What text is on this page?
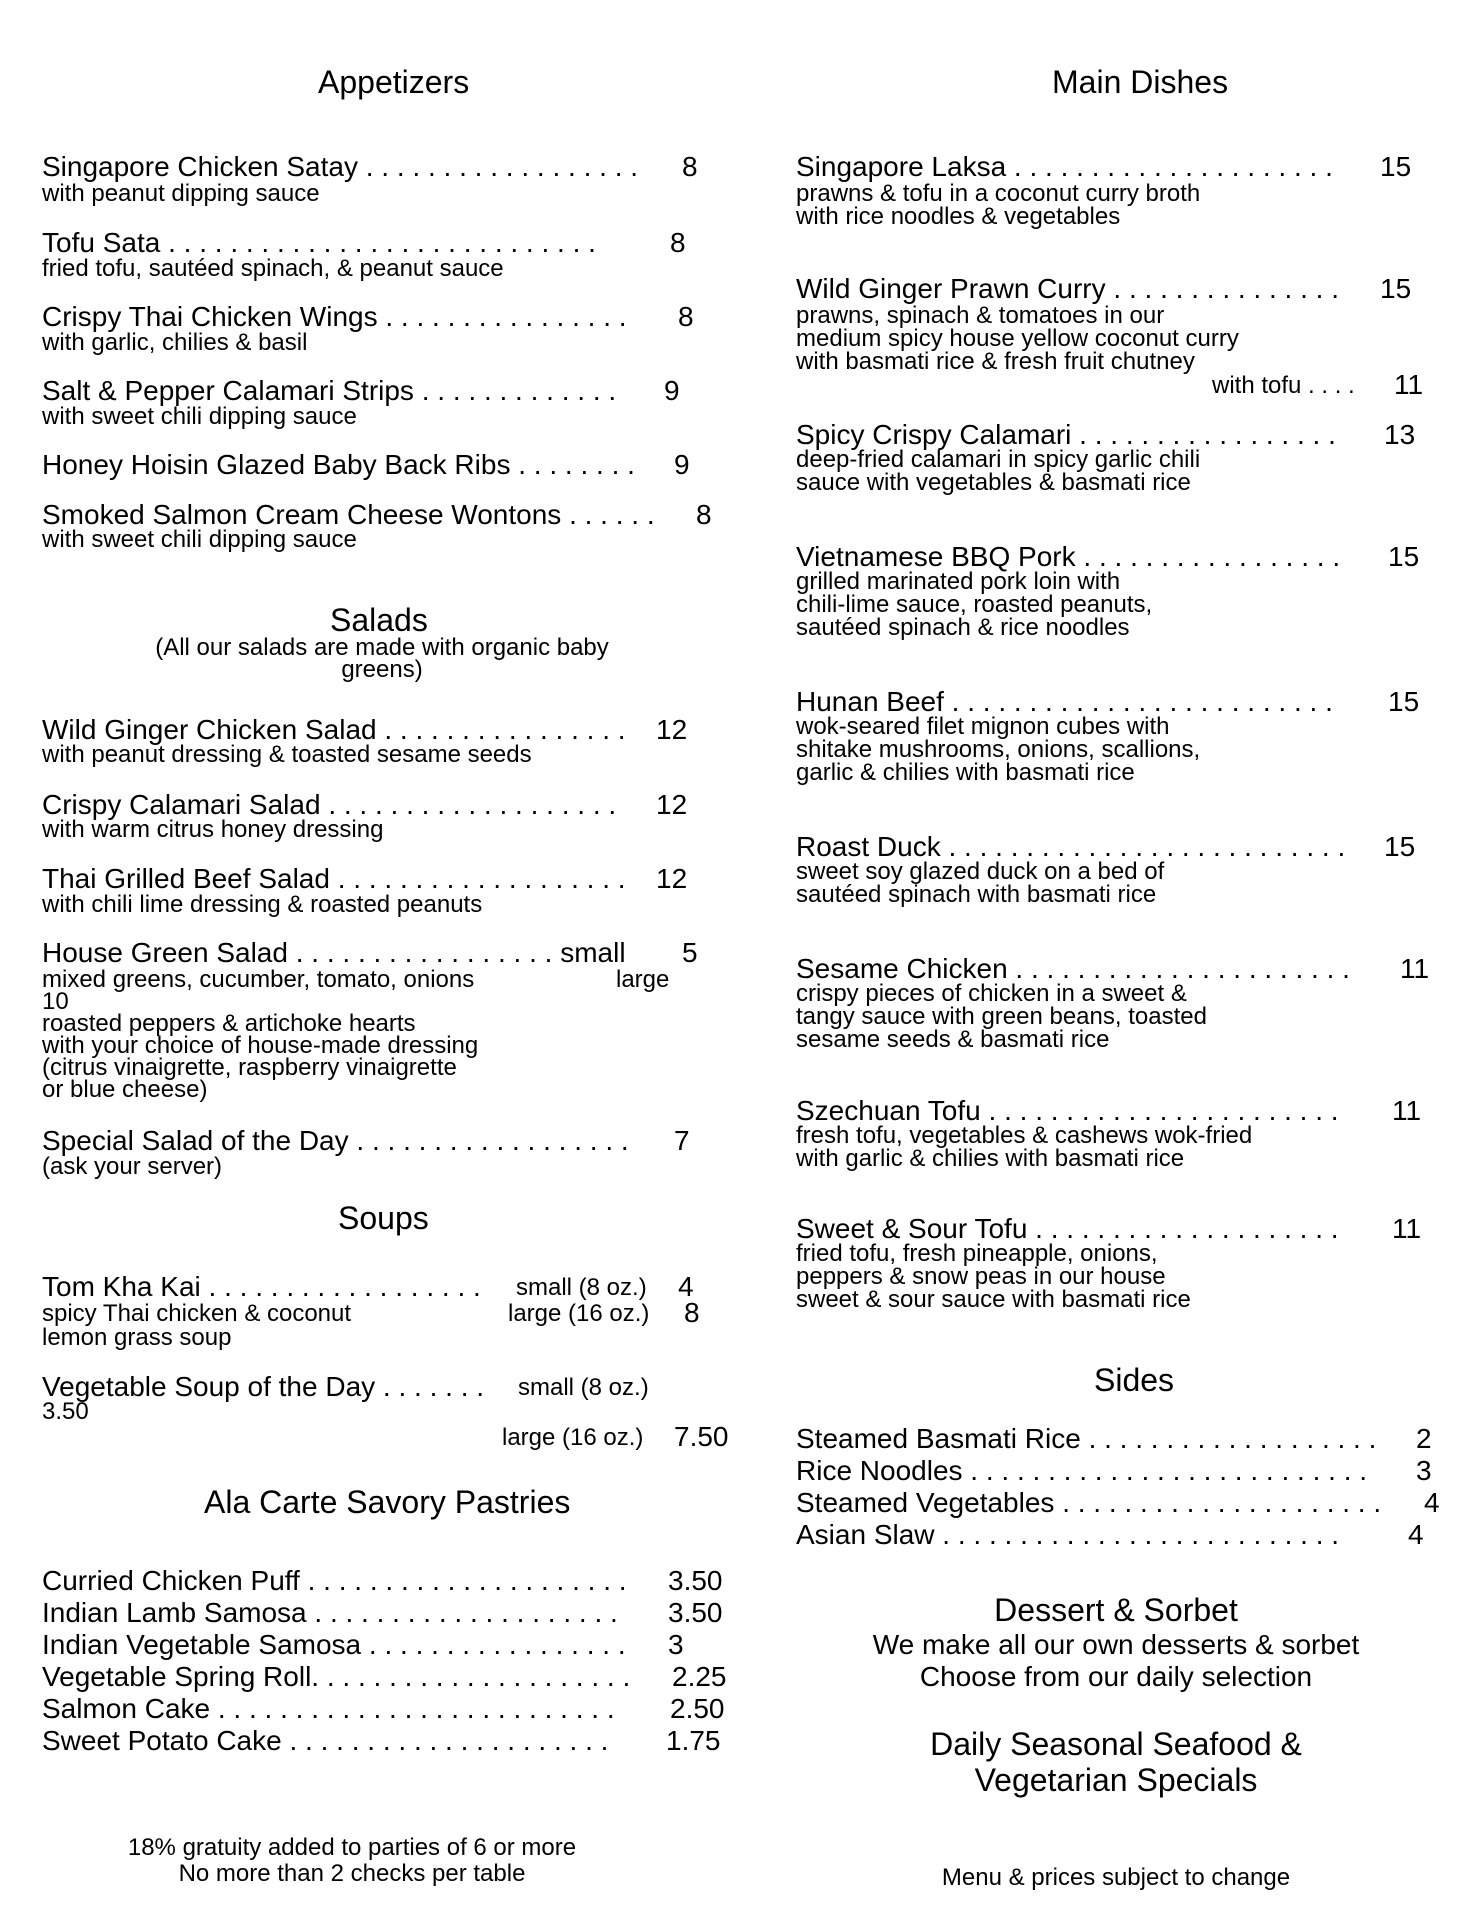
Appetizers
Singapore Chicken Satay . . . . . . . . . . . . . . . . . . 8
with peanut dipping sauce
Tofu Sata . . . . . . . . . . . . . . . . . . . . . . . . . . . .	8
fried tofu, sautéed spinach, & peanut sauce
Crispy Thai Chicken Wings . . . . . . . . . . . . . . . . 8
with garlic, chilies & basil
Salt & Pepper Calamari Strips . . . . . . . . . . . . . 9
with sweet chili dipping sauce
Honey Hoisin Glazed Baby Back Ribs . . . . . . . . 9
Smoked Salmon Cream Cheese Wontons . . . . . . 8
with sweet chili dipping sauce
Salads
(All our salads are made with organic baby
greens)
Wild Ginger Chicken Salad . . . . . . . . . . . . . . . . 12
with peanut dressing & toasted sesame seeds
Crispy Calamari Salad . . . . . . . . . . . . . . . . . . . 12
with warm citrus honey dressing
Thai Grilled Beef Salad . . . . . . . . . . . . . . . . . . . 12
with chili lime dressing & roasted peanuts
House Green Salad . . . . . . . . . . . . . . . . . small 5
mixed greens, cucumber, tomato, onions	large
10
roasted peppers & artichoke hearts
with your choice of house-made dressing
(citrus vinaigrette, raspberry vinaigrette
or blue cheese)
Special Salad of the Day . . . . . . . . . . . . . . . . . . 7
(ask your server)
Soups
Tom Kha Kai . . . . . . . . . . . . . . . . . . small (8 oz.) 4
spicy Thai chicken & coconut	large (16 oz.) 8
lemon grass soup
Vegetable Soup of the Day . . . . . . . small (8 oz.)
3.50
large (16 oz.) 7.50
Ala Carte Savory Pastries
Curried Chicken Puff . . . . . . . . . . . . . . . . . . . . . 3.50
Indian Lamb Samosa . . . . . . . . . . . . . . . . . . . . 3.50
Indian Vegetable Samosa . . . . . . . . . . . . . . . . . 3
Vegetable Spring Roll. . . . . . . . . . . . . . . . . . . . . 2.25
Salmon Cake . . . . . . . . . . . . . . . . . . . . . . . . . . 2.50
Sweet Potato Cake . . . . . . . . . . . . . . . . . . . . . 1.75
18% gratuity added to parties of 6 or more
No more than 2 checks per table
Main Dishes
Singapore Laksa . . . . . . . . . . . . . . . . . . . . . 15
prawns & tofu in a coconut curry broth
with rice noodles & vegetables
Wild Ginger Prawn Curry . . . . . . . . . . . . . . . 15
prawns, spinach & tomatoes in our
medium spicy house yellow coconut curry
with basmati rice & fresh fruit chutney
with tofu . . . . 11
Spicy Crispy Calamari . . . . . . . . . . . . . . . . . 13
deep-fried calamari in spicy garlic chili
sauce with vegetables & basmati rice
Vietnamese BBQ Pork . . . . . . . . . . . . . . . . . 15
grilled marinated pork loin with
chili-lime sauce, roasted peanuts,
sautéed spinach & rice noodles
Hunan Beef . . . . . . . . . . . . . . . . . . . . . . . . . 15
wok-seared filet mignon cubes with
shitake mushrooms, onions, scallions,
garlic & chilies with basmati rice
Roast Duck . . . . . . . . . . . . . . . . . . . . . . . . . . 15
sweet soy glazed duck on a bed of
sautéed spinach with basmati rice
Sesame Chicken . . . . . . . . . . . . . . . . . . . . . . 11
crispy pieces of chicken in a sweet &
tangy sauce with green beans, toasted
sesame seeds & basmati rice
Szechuan Tofu . . . . . . . . . . . . . . . . . . . . . . . 11
fresh tofu, vegetables & cashews wok-fried
with garlic & chilies with basmati rice
Sweet & Sour Tofu . . . . . . . . . . . . . . . . . . . . 11
fried tofu, fresh pineapple, onions,
peppers & snow peas in our house
sweet & sour sauce with basmati rice
Sides
Steamed Basmati Rice . . . . . . . . . . . . . . . . . . . 2
Rice Noodles . . . . . . . . . . . . . . . . . . . . . . . . . . 3
Steamed Vegetables . . . . . . . . . . . . . . . . . . . . . 4
Asian Slaw . . . . . . . . . . . . . . . . . . . . . . . . . . 4
Dessert & Sorbet
We make all our own desserts & sorbet
Choose from our daily selection
Daily Seasonal Seafood &
Vegetarian Specials
Menu & prices subject to change
